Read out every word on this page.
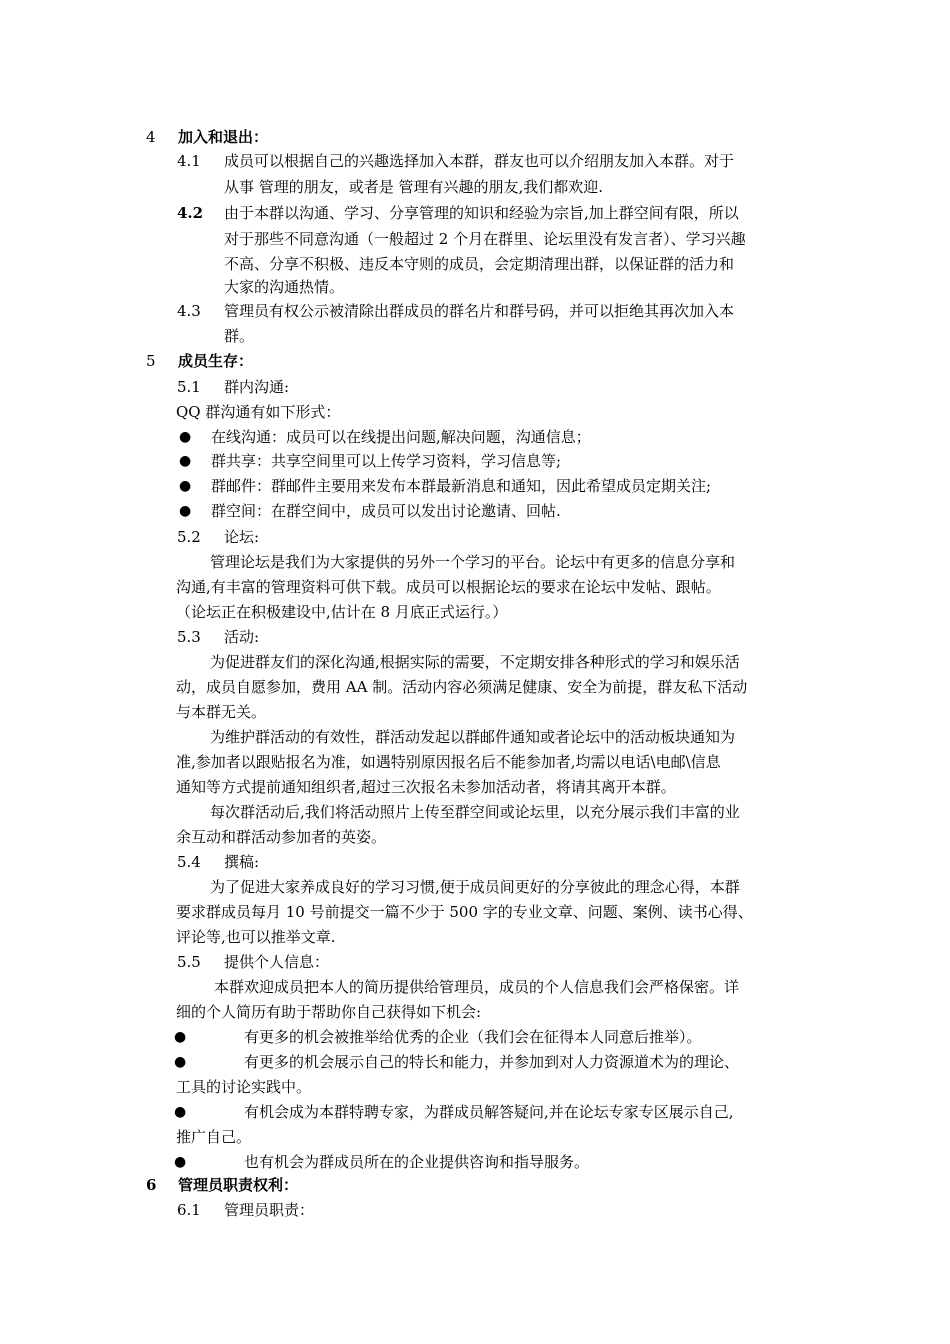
4 加入和退出：
4.1 成员可以根据自己的兴趣选择加入本群，群友也可以介绍朋友加入本群。对于
从事 管理的朋友，或者是 管理有兴趣的朋友,我们都欢迎.
4.2 由于本群以沟通、学习、分享管理的知识和经验为宗旨,加上群空间有限，所以
对于那些不同意沟通（一般超过 2 个月在群里、论坛里没有发言者）、学习兴趣
不高、分享不积极、违反本守则的成员，会定期清理出群，以保证群的活力和
大家的沟通热情。
4.3 管理员有权公示被清除出群成员的群名片和群号码，并可以拒绝其再次加入本
群。
5 成员生存：
5.1 群内沟通:
QQ 群沟通有如下形式：
● 在线沟通：成员可以在线提出问题,解决问题，沟通信息；
● 群共享：共享空间里可以上传学习资料，学习信息等;
● 群邮件：群邮件主要用来发布本群最新消息和通知，因此希望成员定期关注;
● 群空间：在群空间中，成员可以发出讨论邀请、回帖.
5.2 论坛:
管理论坛是我们为大家提供的另外一个学习的平台。论坛中有更多的信息分享和
沟通,有丰富的管理资料可供下载。成员可以根据论坛的要求在论坛中发帖、跟帖。
（论坛正在积极建设中,估计在 8 月底正式运行。）
5.3 活动:
为促进群友们的深化沟通,根据实际的需要，不定期安排各种形式的学习和娱乐活
动，成员自愿参加，费用 AA 制。活动内容必须满足健康、安全为前提，群友私下活动
与本群无关。
为维护群活动的有效性，群活动发起以群邮件通知或者论坛中的活动板块通知为
准,参加者以跟贴报名为准，如遇特别原因报名后不能参加者,均需以电话\电邮\信息
通知等方式提前通知组织者,超过三次报名未参加活动者，将请其离开本群。
每次群活动后,我们将活动照片上传至群空间或论坛里，以充分展示我们丰富的业
余互动和群活动参加者的英姿。
5.4 撰稿:
为了促进大家养成良好的学习习惯,便于成员间更好的分享彼此的理念心得，本群
要求群成员每月 10 号前提交一篇不少于 500 字的专业文章、问题、案例、读书心得、
评论等,也可以推举文章.
5.5 提供个人信息：
本群欢迎成员把本人的简历提供给管理员，成员的个人信息我们会严格保密。详
细的个人简历有助于帮助你自己获得如下机会:
●	有更多的机会被推举给优秀的企业（我们会在征得本人同意后推举）。
●	有更多的机会展示自己的特长和能力，并参加到对人力资源道术为的理论、
工具的讨论实践中。
●	有机会成为本群特聘专家，为群成员解答疑问,并在论坛专家专区展示自己,
推广自己。
●	也有机会为群成员所在的企业提供咨询和指导服务。
6 管理员职责权利：
6.1 管理员职责：
